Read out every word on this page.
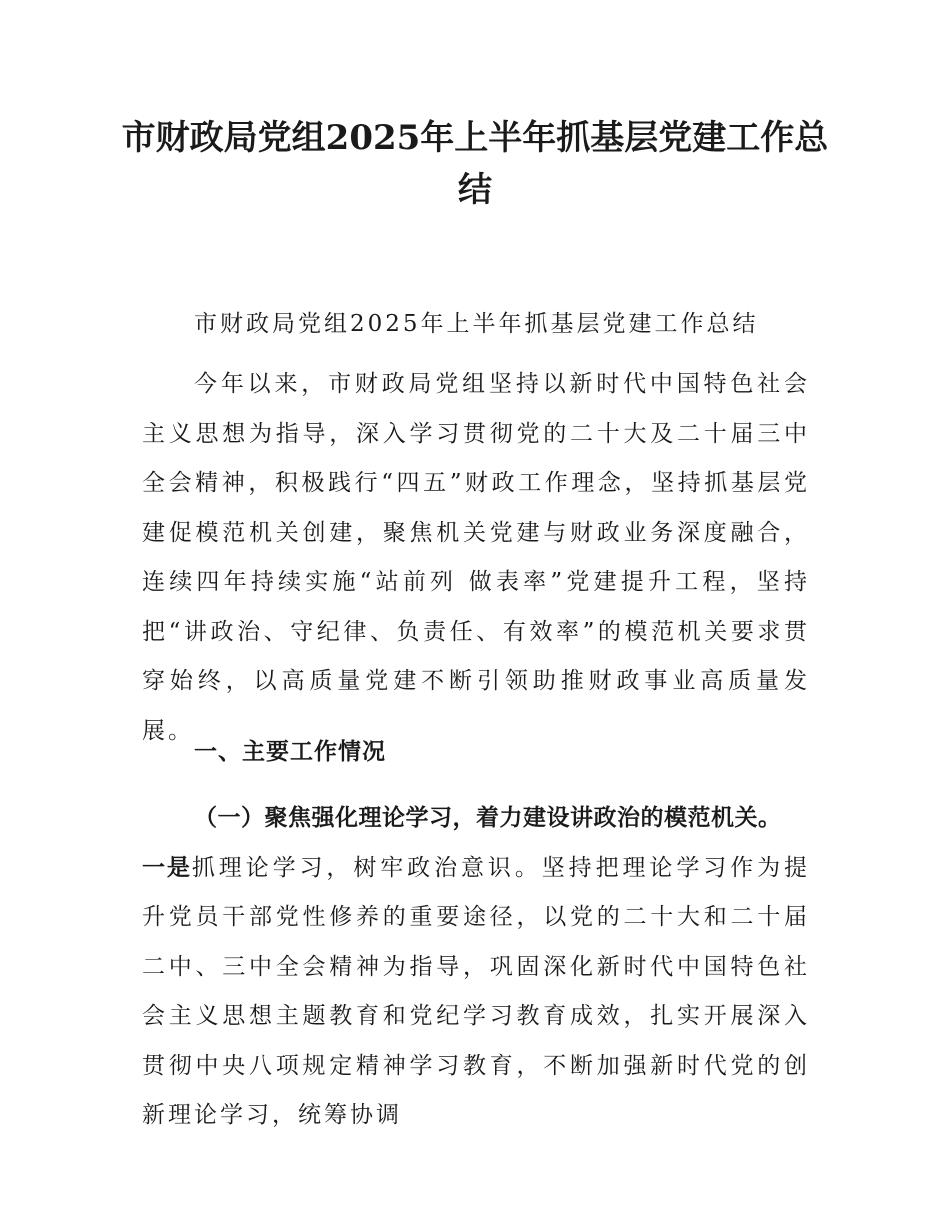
市财政局党组2025年上半年抓基层党建工作总结

市财政局党组2025年上半年抓基层党建工作总结

今年以来，市财政局党组坚持以新时代中国特色社会主义思想为指导，深入学习贯彻党的二十大及二十届三中全会精神，积极践行“四五”财政工作理念，坚持抓基层党建促模范机关创建，聚焦机关党建与财政业务深度融合，连续四年持续实施“站前列 做表率”党建提升工程，坚持把“讲政治、守纪律、负责任、有效率”的模范机关要求贯穿始终，以高质量党建不断引领助推财政事业高质量发展。

一、主要工作情况

（一）聚焦强化理论学习，着力建设讲政治的模范机关。
一是抓理论学习，树牢政治意识。坚持把理论学习作为提升党员干部党性修养的重要途径，以党的二十大和二十届二中、三中全会精神为指导，巩固深化新时代中国特色社会主义思想主题教育和党纪学习教育成效，扎实开展深入贯彻中央八项规定精神学习教育，不断加强新时代党的创新理论学习，统筹协调
